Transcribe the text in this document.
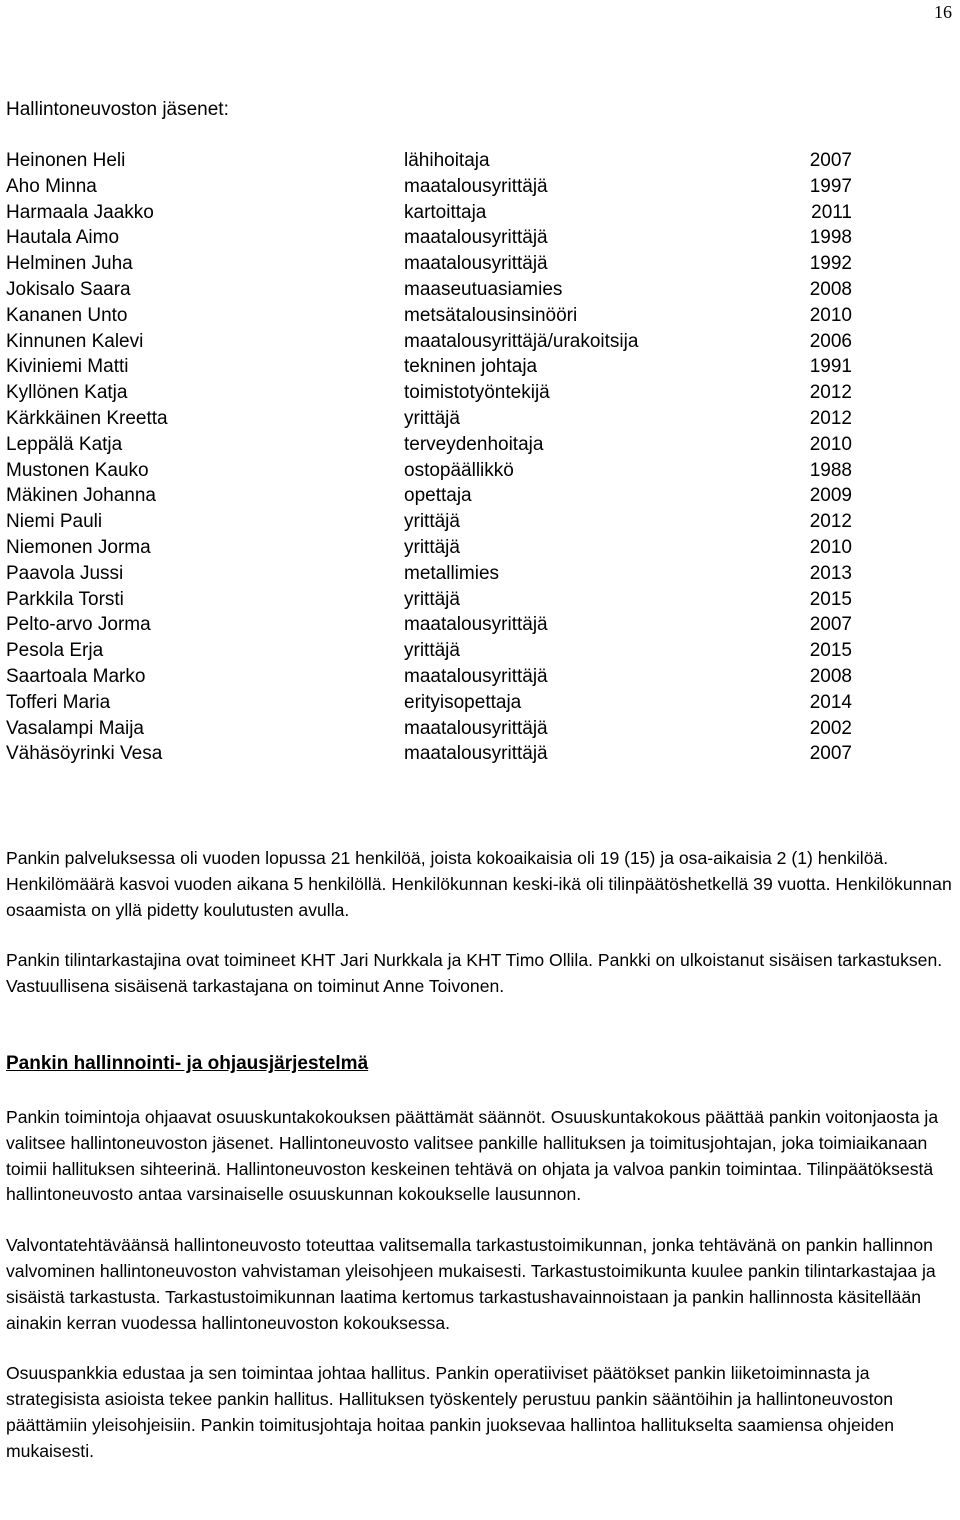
16
Hallintoneuvoston jäsenet:
Heinonen Heli	lähihoitaja	2007
Aho Minna	maatalousyrittäjä	1997
Harmaala Jaakko	kartoittaja	2011
Hautala Aimo	maatalousyrittäjä	1998
Helminen Juha	maatalousyrittäjä	1992
Jokisalo Saara	maaseutuasiamies	2008
Kananen Unto	metsätalousinsinööri	2010
Kinnunen Kalevi	maatalousyrittäjä/urakoitsija	2006
Kiviniemi Matti	tekninen johtaja	1991
Kyllönen Katja	toimistotyöntekijä	2012
Kärkkäinen Kreetta	yrittäjä	2012
Leppälä Katja	terveydenhoitaja	2010
Mustonen Kauko	ostopäällikkö	1988
Mäkinen Johanna	opettaja	2009
Niemi Pauli	yrittäjä	2012
Niemonen Jorma	yrittäjä	2010
Paavola Jussi	metallimies	2013
Parkkila Torsti	yrittäjä	2015
Pelto-arvo Jorma	maatalousyrittäjä	2007
Pesola Erja	yrittäjä	2015
Saartoala Marko	maatalousyrittäjä	2008
Tofferi Maria	erityisopettaja	2014
Vasalampi Maija	maatalousyrittäjä	2002
Vähäsöyrinki Vesa	maatalousyrittäjä	2007

Pankin palveluksessa oli vuoden lopussa 21 henkilöä, joista kokoaikaisia oli 19 (15) ja osa-aikaisia 2 (1) henkilöä. Henkilömäärä kasvoi vuoden aikana 5 henkilöllä. Henkilökunnan keski-ikä oli tilinpäätöshetkellä 39 vuotta. Henkilökunnan osaamista on yllä pidetty koulutusten avulla.

Pankin tilintarkastajina ovat toimineet KHT Jari Nurkkala ja KHT Timo Ollila. Pankki on ulkoistanut sisäisen tarkastuksen. Vastuullisena sisäisenä tarkastajana on toiminut Anne Toivonen.

Pankin hallinnointi- ja ohjausjärjestelmä

Pankin toimintoja ohjaavat osuuskuntakokouksen päättämät säännöt. Osuuskuntakokous päättää pankin voitonjaosta ja valitsee hallintoneuvoston jäsenet. Hallintoneuvosto valitsee pankille hallituksen ja toimitusjohtajan, joka toimiaikanaan toimii hallituksen sihteerinä. Hallintoneuvoston keskeinen tehtävä on ohjata ja valvoa pankin toimintaa. Tilinpäätöksestä hallintoneuvosto antaa varsinaiselle osuuskunnan kokoukselle lausunnon.

Valvontatehtäväänsä hallintoneuvosto toteuttaa valitsemalla tarkastustoimikunnan, jonka tehtävänä on pankin hallinnon valvominen hallintoneuvoston vahvistaman yleisohjeen mukaisesti. Tarkastustoimikunta kuulee pankin tilintarkastajaa ja sisäistä tarkastusta. Tarkastustoimikunnan laatima kertomus tarkastushavainnoistaan ja pankin hallinnosta käsitellään ainakin kerran vuodessa hallintoneuvoston kokouksessa.

Osuuspankkia edustaa ja sen toimintaa johtaa hallitus. Pankin operatiiviset päätökset pankin liiketoiminnasta ja strategisista asioista tekee pankin hallitus. Hallituksen työskentely perustuu pankin sääntöihin ja hallintoneuvoston päättämiin yleisohjeisiin. Pankin toimitusjohtaja hoitaa pankin juoksevaa hallintoa hallitukselta saamiensa ohjeiden mukaisesti.
